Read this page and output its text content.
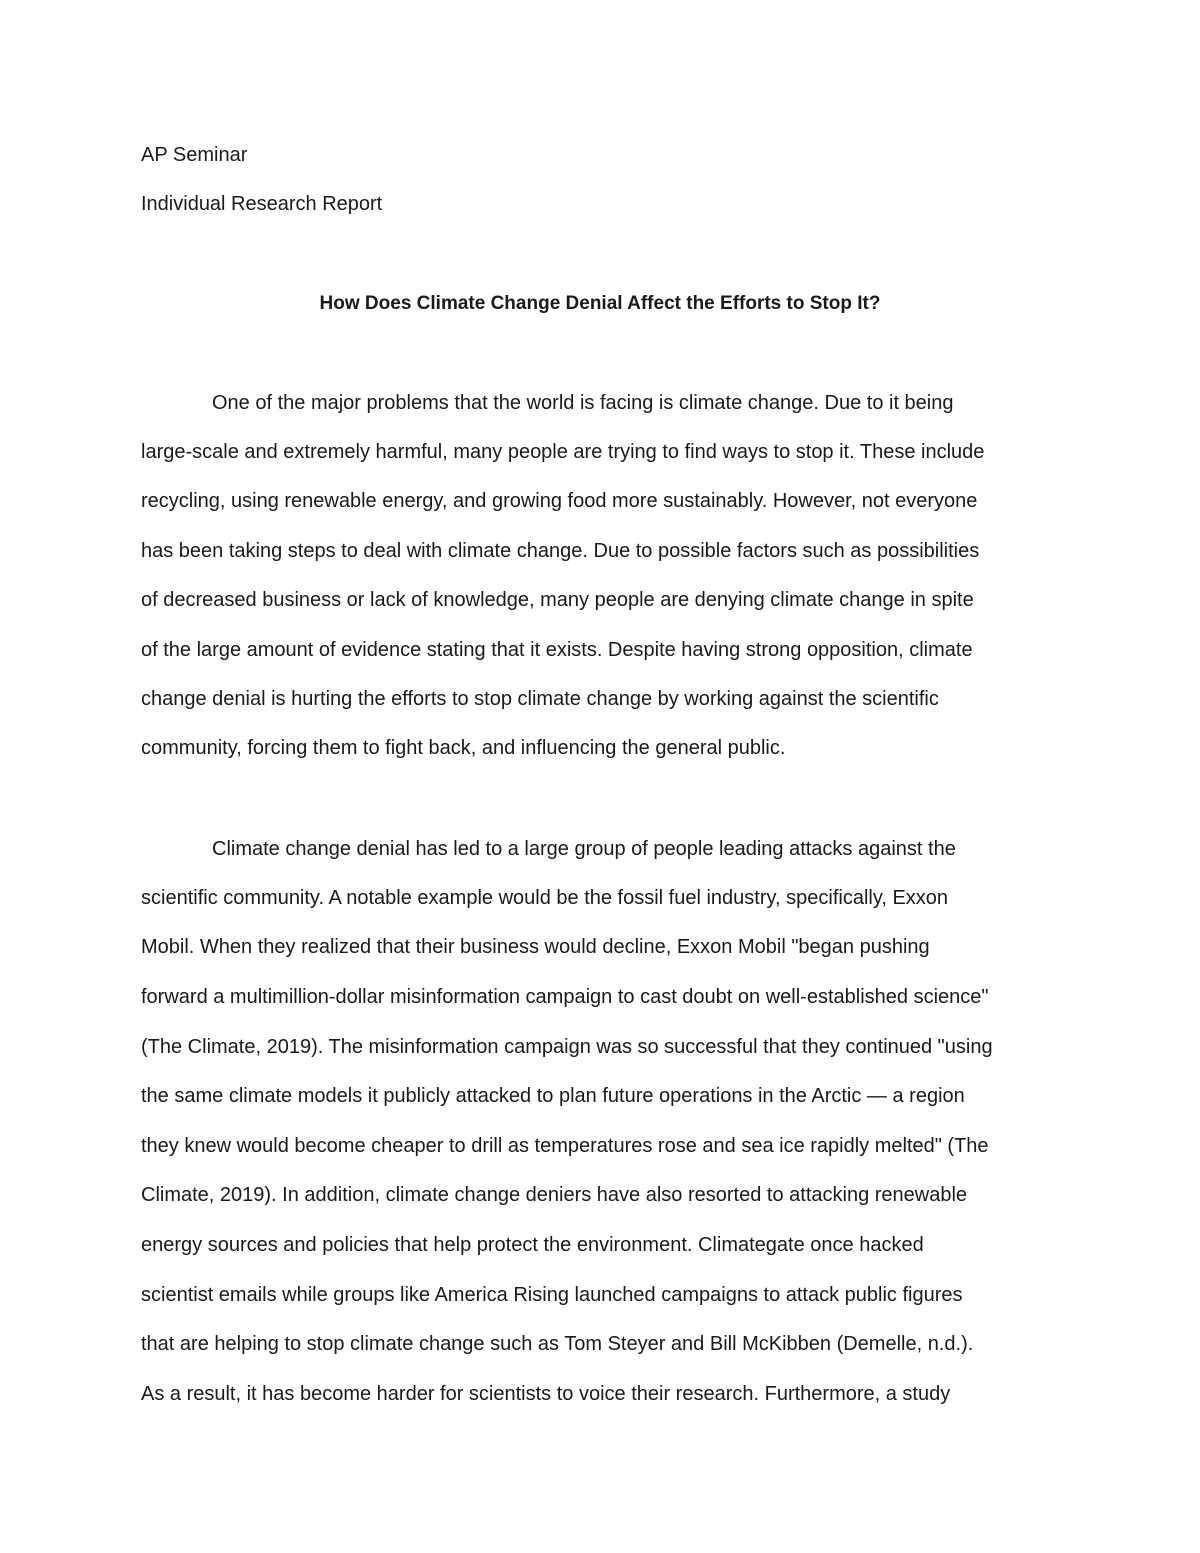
AP Seminar
Individual Research Report
How Does Climate Change Denial Affect the Efforts to Stop It?
One of the major problems that the world is facing is climate change. Due to it being
large-scale and extremely harmful, many people are trying to find ways to stop it. These include
recycling, using renewable energy, and growing food more sustainably. However, not everyone
has been taking steps to deal with climate change. Due to possible factors such as possibilities
of decreased business or lack of knowledge, many people are denying climate change in spite
of the large amount of evidence stating that it exists. Despite having strong opposition, climate
change denial is hurting the efforts to stop climate change by working against the scientific
community, forcing them to fight back, and influencing the general public.
Climate change denial has led to a large group of people leading attacks against the
scientific community. A notable example would be the fossil fuel industry, specifically, Exxon
Mobil. When they realized that their business would decline, Exxon Mobil "began pushing
forward a multimillion-dollar misinformation campaign to cast doubt on well-established science"
(The Climate, 2019). The misinformation campaign was so successful that they continued "using
the same climate models it publicly attacked to plan future operations in the Arctic — a region
they knew would become cheaper to drill as temperatures rose and sea ice rapidly melted" (The
Climate, 2019). In addition, climate change deniers have also resorted to attacking renewable
energy sources and policies that help protect the environment. Climategate once hacked
scientist emails while groups like America Rising launched campaigns to attack public figures
that are helping to stop climate change such as Tom Steyer and Bill McKibben (Demelle, n.d.).
As a result, it has become harder for scientists to voice their research. Furthermore, a study
